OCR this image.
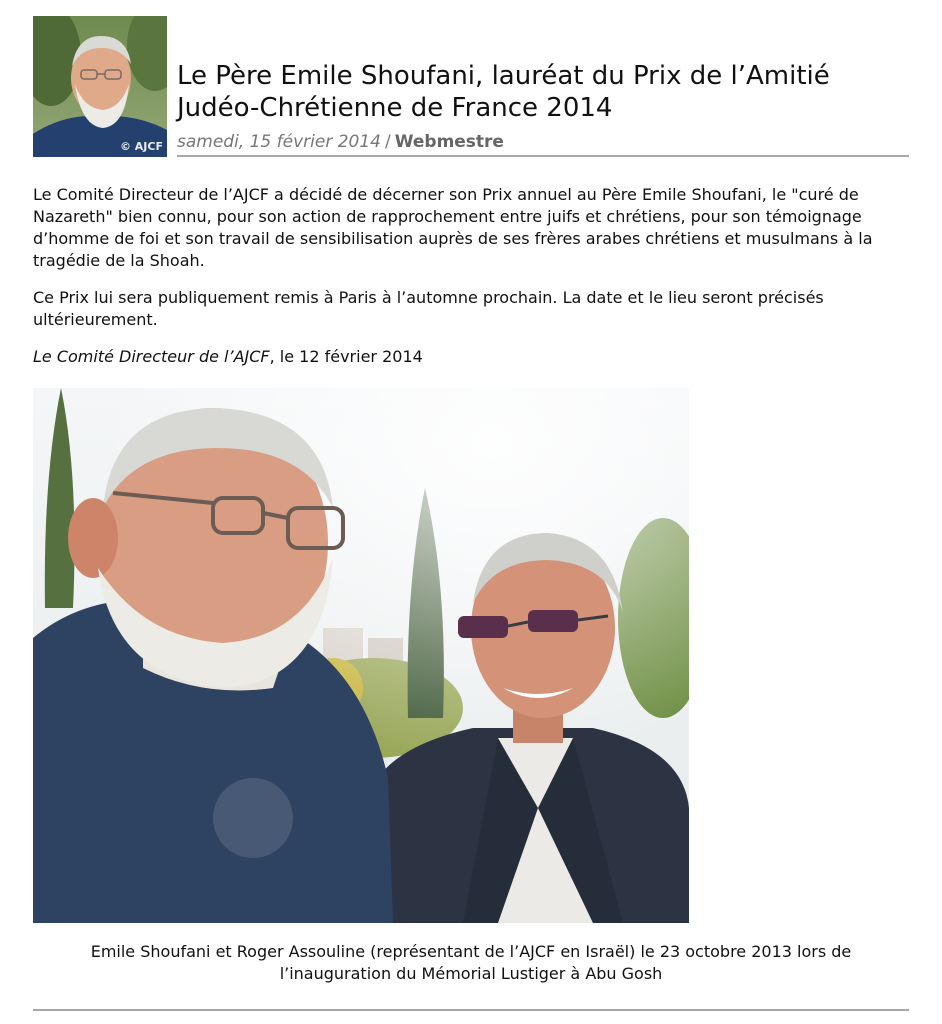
© AJCF
Le Père Emile Shoufani, lauréat du Prix de l’Amitié Judéo-Chrétienne de France 2014
samedi, 15 février 2014 / Webmestre

Le Comité Directeur de l’AJCF a décidé de décerner son Prix annuel au Père Emile Shoufani, le "curé de Nazareth" bien connu, pour son action de rapprochement entre juifs et chrétiens, pour son témoignage d’homme de foi et son travail de sensibilisation auprès de ses frères arabes chrétiens et musulmans à la tragédie de la Shoah.

Ce Prix lui sera publiquement remis à Paris à l’automne prochain. La date et le lieu seront précisés ultérieurement.

Le Comité Directeur de l’AJCF, le 12 février 2014

Emile Shoufani et Roger Assouline (représentant de l’AJCF en Israël) le 23 octobre 2013 lors de l’inauguration du Mémorial Lustiger à Abu Gosh
